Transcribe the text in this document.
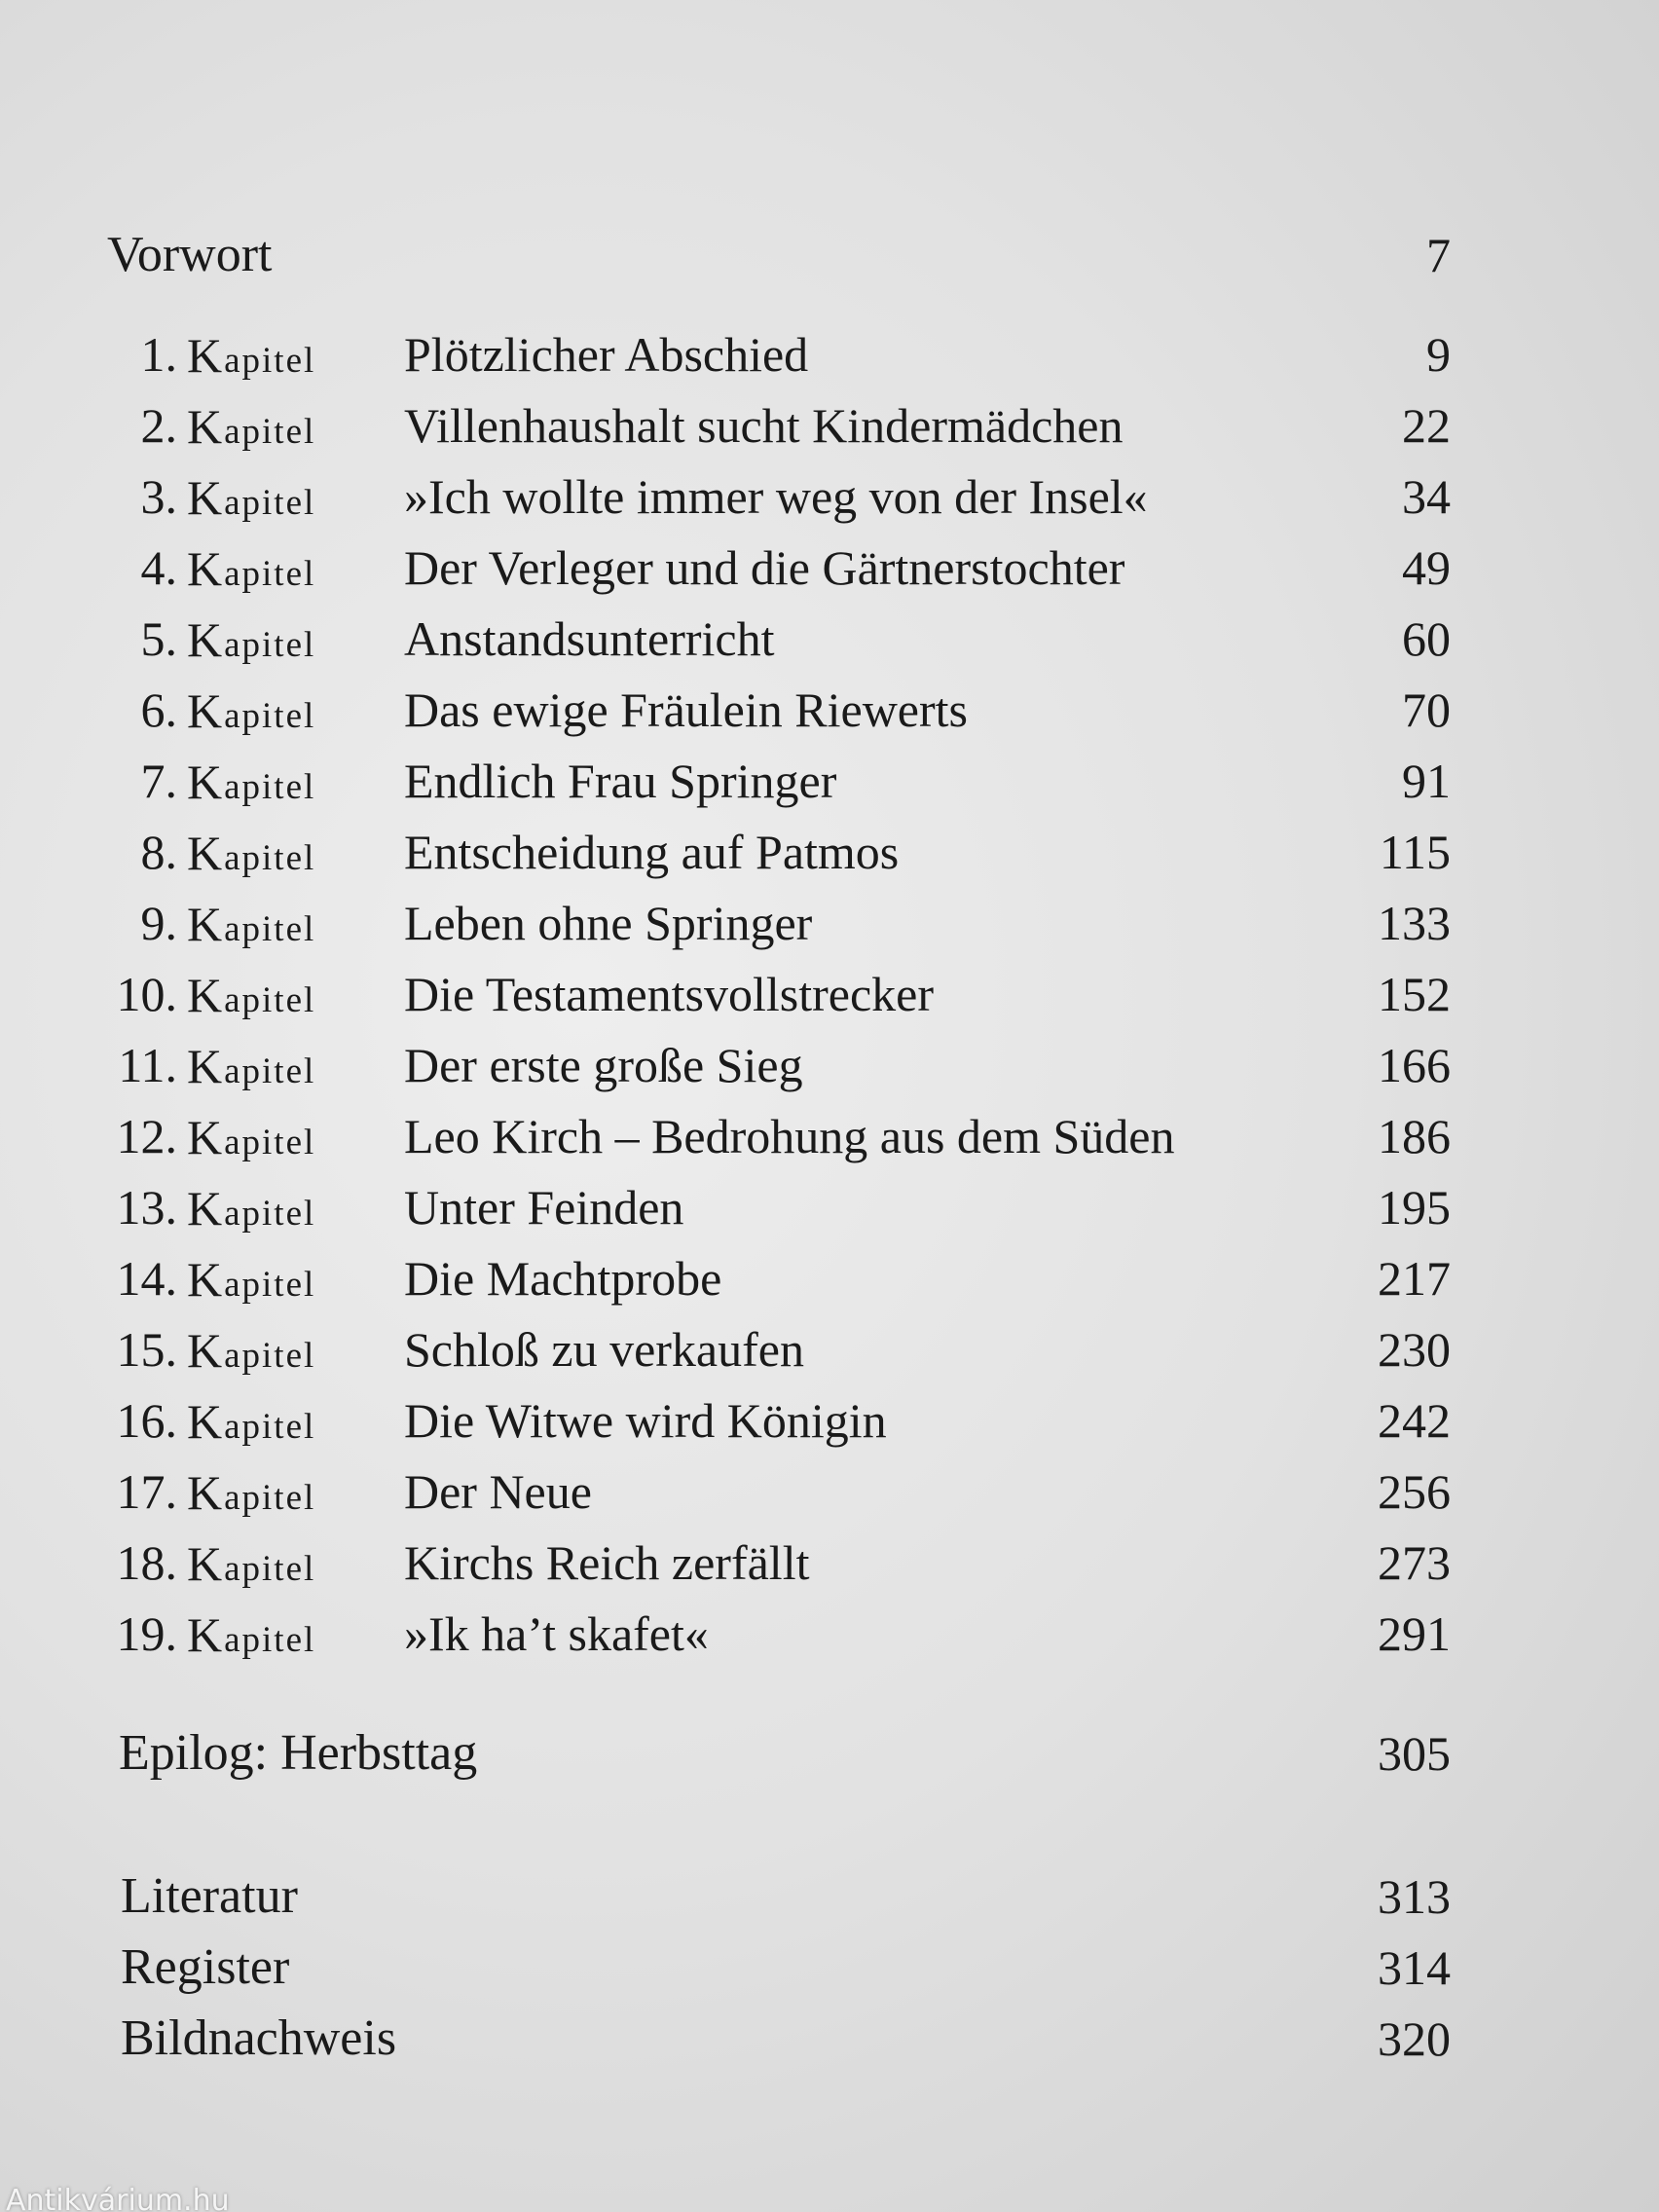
Vorwort	7
1. Kapitel Plötzlicher Abschied	9
2. Kapitel Villenhaushalt sucht Kindermädchen	22
3. Kapitel »Ich wollte immer weg von der Insel«	34
4. Kapitel Der Verleger und die Gärtnerstochter	49
5. Kapitel Anstandsunterricht	60
6. Kapitel Das ewige Fräulein Riewerts	70
7. Kapitel Endlich Frau Springer	91
8. Kapitel Entscheidung auf Patmos	115
9. Kapitel Leben ohne Springer	133
10. Kapitel Die Testamentsvollstrecker	152
11. Kapitel Der erste große Sieg	166
12. Kapitel Leo Kirch – Bedrohung aus dem Süden	186
13. Kapitel Unter Feinden	195
14. Kapitel Die Machtprobe	217
15. Kapitel Schloß zu verkaufen	230
16. Kapitel Die Witwe wird Königin	242
17. Kapitel Der Neue	256
18. Kapitel Kirchs Reich zerfällt	273
19. Kapitel »Ik ha’t skafet«	291
Epilog: Herbsttag	305
Literatur	313
Register	314
Bildnachweis	320
Antikvárium.hu
